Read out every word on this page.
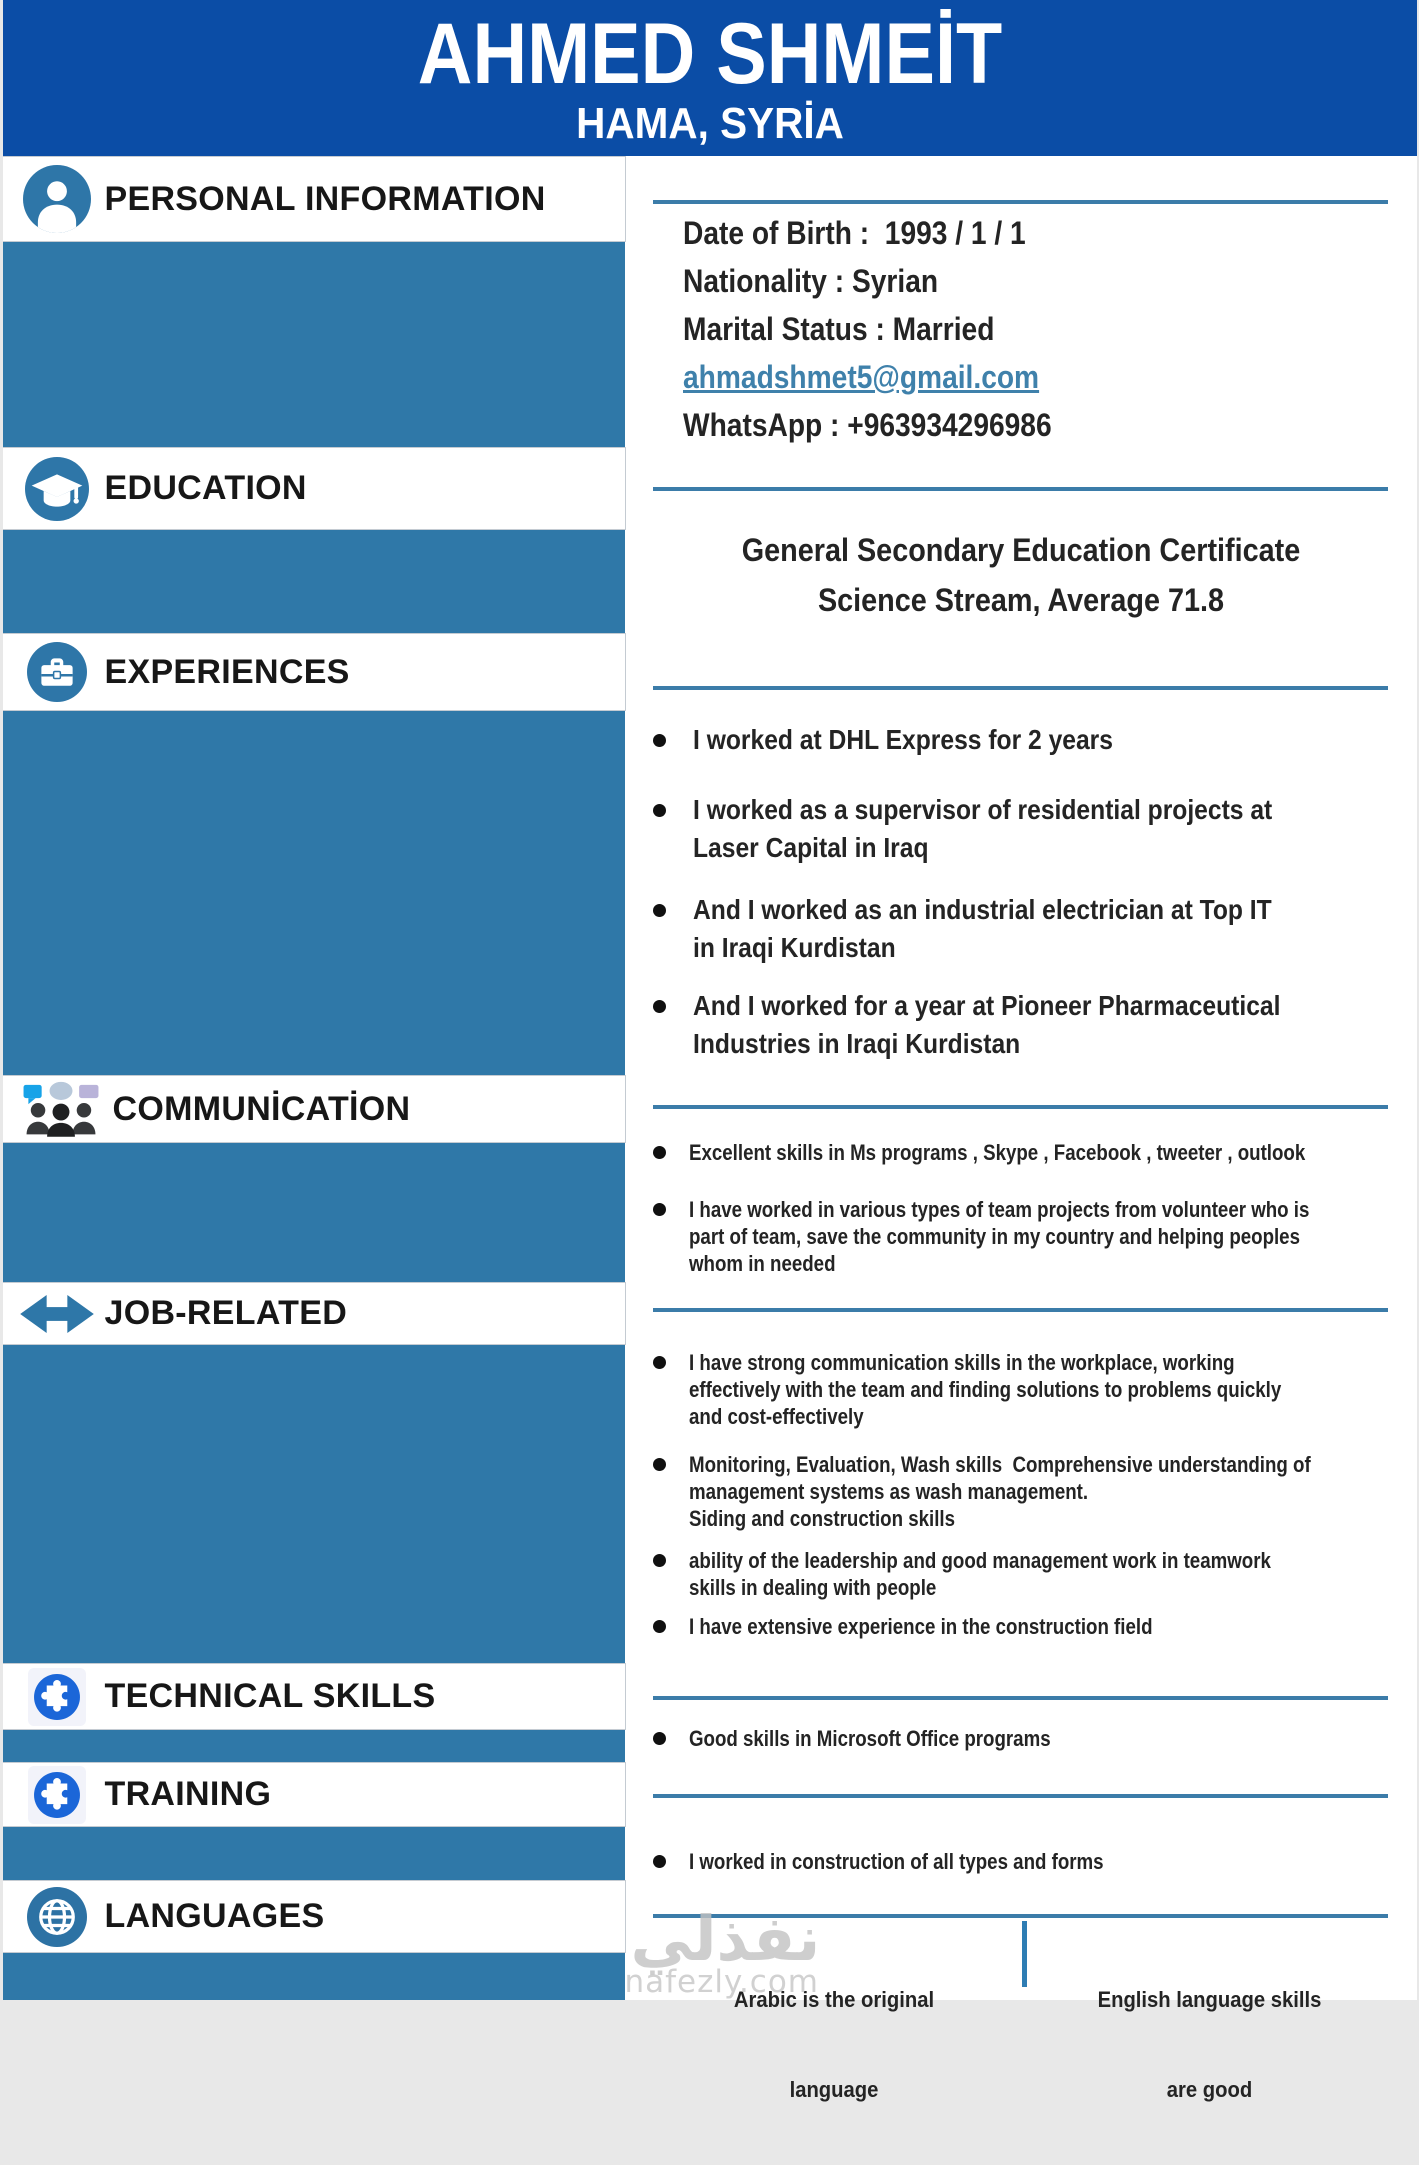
AHMED SHMEİT
HAMA, SYRİA
PERSONAL INFORMATION
EDUCATION
EXPERIENCES
COMMUNİCATİON
JOB-RELATED
TECHNICAL SKILLS
TRAINING
LANGUAGES
Date of Birth :  1993 / 1 / 1
Nationality : Syrian
Marital Status : Married
ahmadshmet5@gmail.com
WhatsApp : +963934296986
General Secondary Education Certificate
Science Stream, Average 71.8
I worked at DHL Express for 2 years
I worked as a supervisor of residential projects at
Laser Capital in Iraq
And I worked as an industrial electrician at Top IT
in Iraqi Kurdistan
And I worked for a year at Pioneer Pharmaceutical
Industries in Iraqi Kurdistan
Excellent skills in Ms programs , Skype , Facebook , tweeter , outlook
I have worked in various types of team projects from volunteer who is
part of team, save the community in my country and helping peoples
whom in needed
I have strong communication skills in the workplace, working
effectively with the team and finding solutions to problems quickly
and cost-effectively
Monitoring, Evaluation, Wash skills  Comprehensive understanding of
management systems as wash management.
Siding and construction skills
ability of the leadership and good management work in teamwork
skills in dealing with people
I have extensive experience in the construction field
Good skills in Microsoft Office programs
I worked in construction of all types and forms

Arabic is the original

language

English language skills

are good

نفذلي
nafezly.com
